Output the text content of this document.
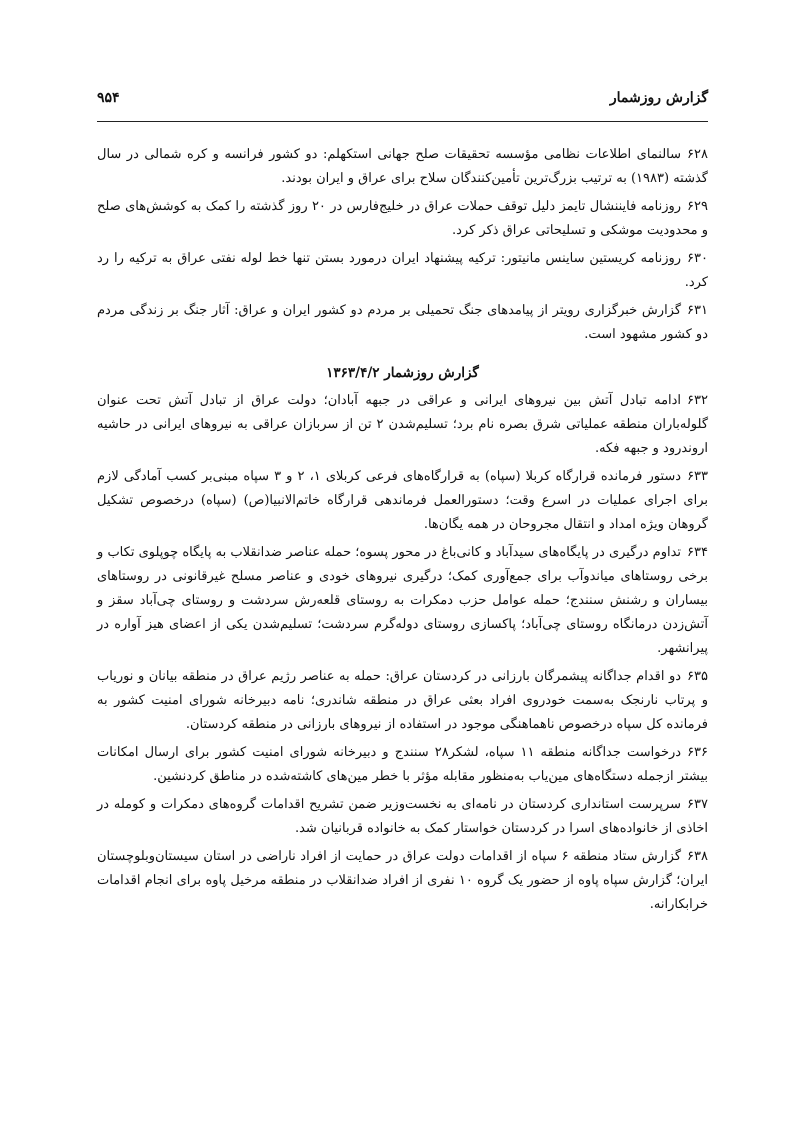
گزارش روزشمار
۹۵۴
۶۲۸سالنمای اطلاعات نظامی مؤسسه تحقیقات صلح جهانی استکهلم: دو کشور فرانسه و کره شمالی در سال گذشته (۱۹۸۳) به ترتیب بزرگ‌ترین تأمین‌کنندگان سلاح برای عراق و ایران بودند.
۶۲۹روزنامه فایننشال تایمز دلیل توقف حملات عراق در خلیج‌فارس در ۲۰ روز گذشته را کمک به کوشش‌های صلح و محدودیت موشکی و تسلیحاتی عراق ذکر کرد.
۶۳۰روزنامه کریستین ساینس مانیتور: ترکیه پیشنهاد ایران درمورد بستن تنها خط لوله نفتی عراق به ترکیه را رد کرد.
۶۳۱گزارش خبرگزاری رویتر از پیامدهای جنگ تحمیلی بر مردم دو کشور ایران و عراق: آثار جنگ بر زندگی مردم دو کشور مشهود است.
گزارش روزشمار ۱۳۶۳/۴/۲
۶۳۲ادامه تبادل آتش بین نیروهای ایرانی و عراقی در جبهه آبادان؛ دولت عراق از تبادل آتش تحت عنوان گلوله‌باران منطقه عملیاتی شرق بصره نام برد؛ تسلیم‌شدن ۲ تن از سربازان عراقی به نیروهای ایرانی در حاشیه اروندرود و جبهه فکه.
۶۳۳دستور فرمانده قرارگاه کربلا (سپاه) به قرارگاه‌های فرعی کربلای ۱، ۲ و ۳ سپاه مبنی‌بر کسب آمادگی لازم برای اجرای عملیات در اسرع وقت؛ دستورالعمل فرماندهی قرارگاه خاتم‌الانبیا(ص) (سپاه) درخصوص تشکیل گروهان ویژه امداد و انتقال مجروحان در همه یگان‌ها.
۶۳۴تداوم درگیری در پایگاه‌های سیدآباد و کانی‌باغ در محور پسوه؛ حمله عناصر ضدانقلاب به پایگاه چوپلوی تکاب و برخی روستاهای میاندوآب برای جمع‌آوری کمک؛ درگیری نیروهای خودی و عناصر مسلح غیرقانونی در روستاهای بیساران و رشنش سنندج؛ حمله عوامل حزب دمکرات به روستای قلعه‌رش سردشت و روستای چی‌آباد سقز و آتش‌زدن درمانگاه روستای چی‌آباد؛ پاکسازی روستای دوله‌گرم سردشت؛ تسلیم‌شدن یکی از اعضای هیز آواره در پیرانشهر.
۶۳۵دو اقدام جداگانه پیشمرگان بارزانی در کردستان عراق: حمله به عناصر رژیم عراق در منطقه بیانان و نوریاب و پرتاب نارنجک به‌سمت خودروی افراد بعثی عراق در منطقه شاندری؛ نامه دبیرخانه شورای امنیت کشور به فرمانده کل سپاه درخصوص ناهماهنگی موجود در استفاده از نیروهای بارزانی در منطقه کردستان.
۶۳۶درخواست جداگانه منطقه ۱۱ سپاه، لشکر۲۸ سنندج و دبیرخانه شورای امنیت کشور برای ارسال امکانات بیشتر ازجمله دستگاه‌های مین‌یاب به‌منظور مقابله مؤثر با خطر مین‌های کاشته‌شده در مناطق کردنشین.
۶۳۷سرپرست استانداری کردستان در نامه‌ای به نخست‌وزیر ضمن تشریح اقدامات گروه‌های دمکرات و کومله در اخاذی از خانواده‌های اسرا در کردستان خواستار کمک به خانواده قربانیان شد.
۶۳۸گزارش ستاد منطقه ۶ سپاه از اقدامات دولت عراق در حمایت از افراد ناراضی در استان سیستان‌وبلوچستان ایران؛ گزارش سپاه پاوه از حضور یک گروه ۱۰ نفری از افراد ضدانقلاب در منطقه مرخیل پاوه برای انجام اقدامات خرابکارانه.
